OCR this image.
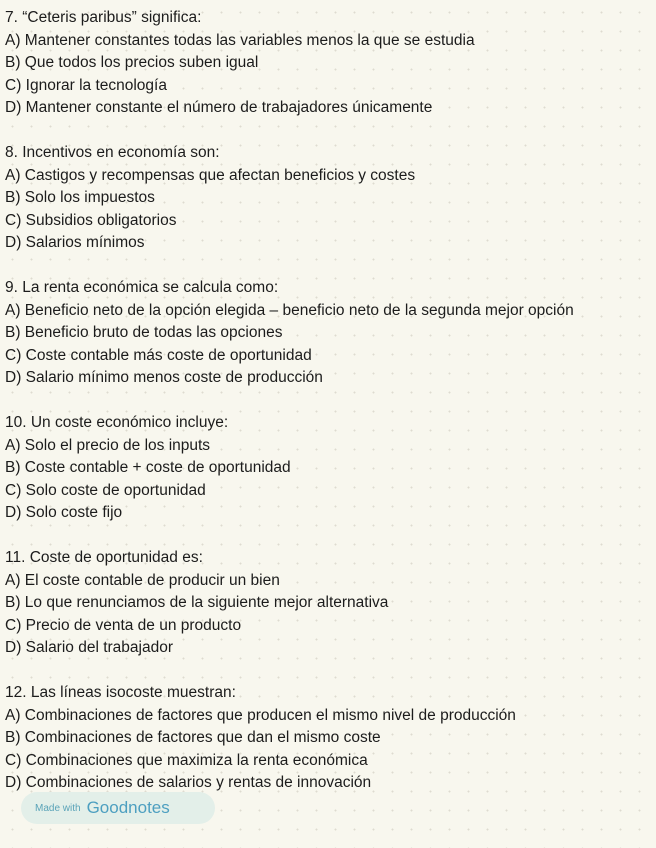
7. “Ceteris paribus” significa:

A) Mantener constantes todas las variables menos la que se estudia

B) Que todos los precios suben igual

C) Ignorar la tecnología

D) Mantener constante el número de trabajadores únicamente

8. Incentivos en economía son:

A) Castigos y recompensas que afectan beneficios y costes

B) Solo los impuestos

C) Subsidios obligatorios

D) Salarios mínimos

9. La renta económica se calcula como:

A) Beneficio neto de la opción elegida – beneficio neto de la segunda mejor opción

B) Beneficio bruto de todas las opciones

C) Coste contable más coste de oportunidad

D) Salario mínimo menos coste de producción

10. Un coste económico incluye:

A) Solo el precio de los inputs

B) Coste contable + coste de oportunidad

C) Solo coste de oportunidad

D) Solo coste fijo

11. Coste de oportunidad es:

A) El coste contable de producir un bien

B) Lo que renunciamos de la siguiente mejor alternativa

C) Precio de venta de un producto

D) Salario del trabajador

12. Las líneas isocoste muestran:

A) Combinaciones de factores que producen el mismo nivel de producción

B) Combinaciones de factores que dan el mismo coste

C) Combinaciones que maximiza la renta económica

D) Combinaciones de salarios y rentas de innovación

Made with Goodnotes
